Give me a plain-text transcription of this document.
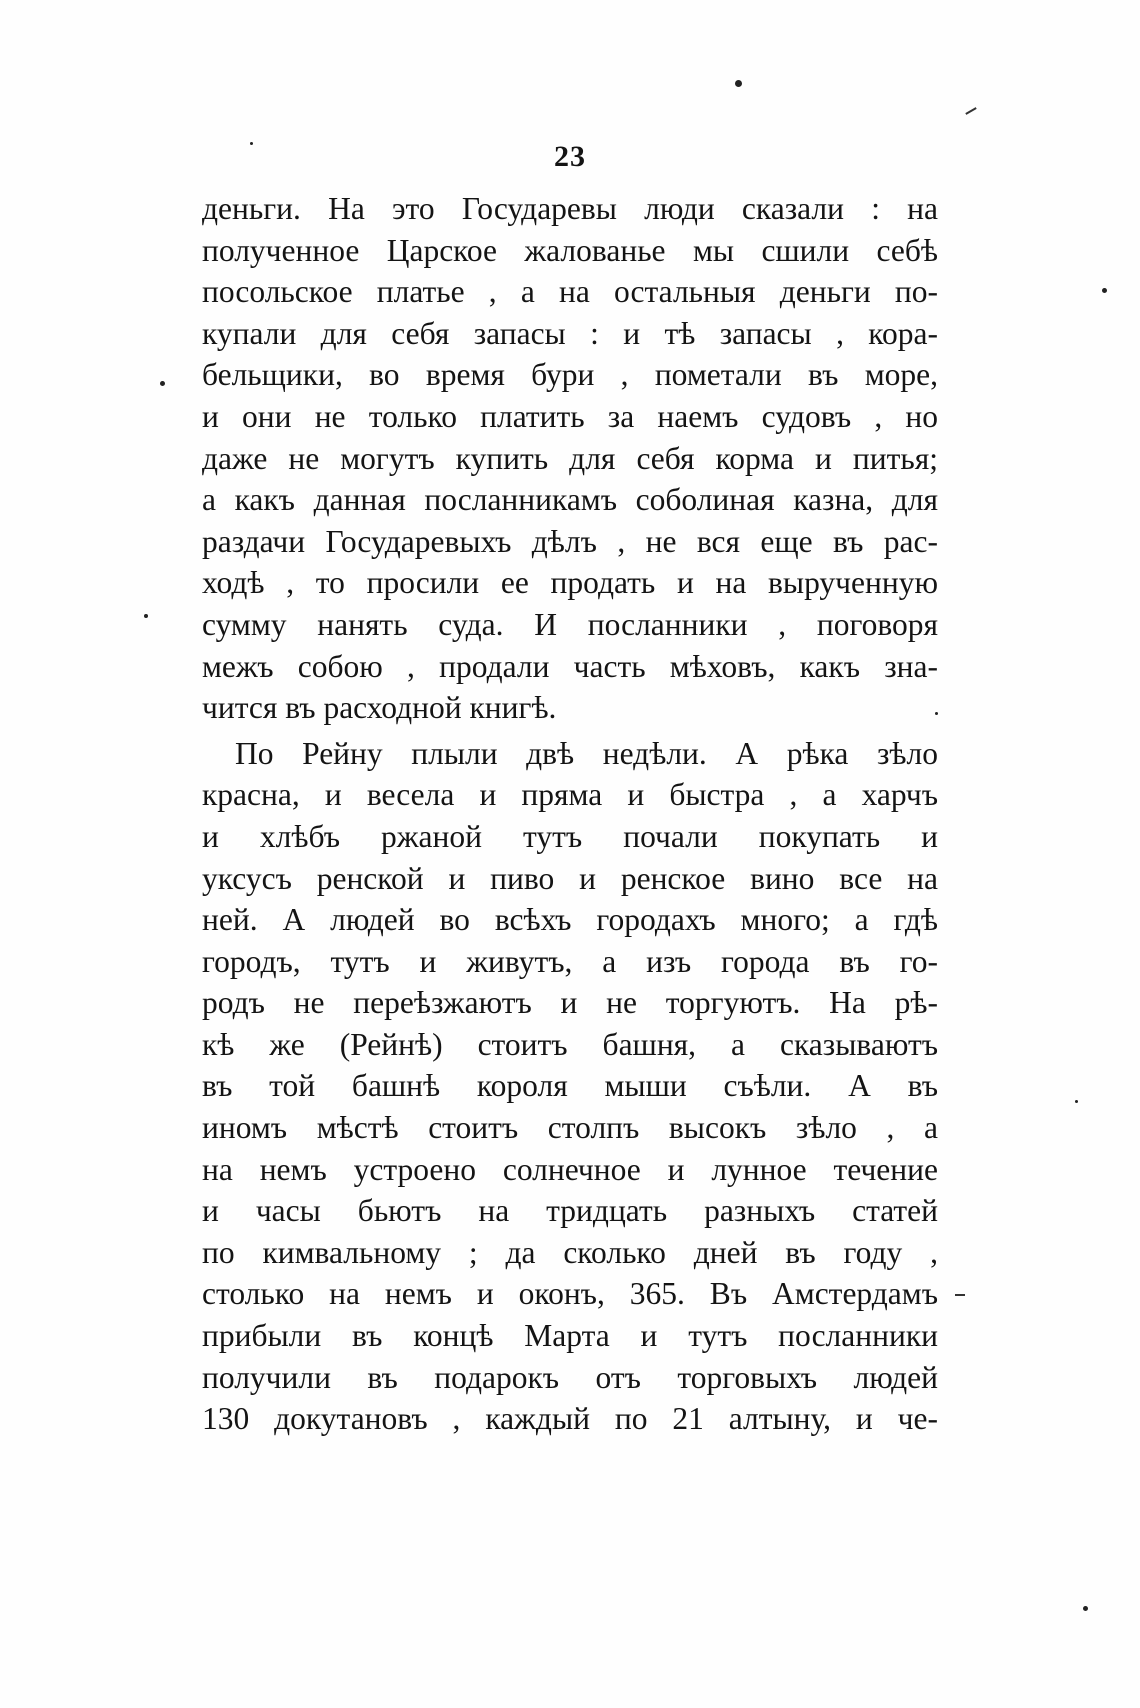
23
деньги. На это Государевы люди сказали : на
полученное Царское жалованье мы сшили себѣ
посольское платье , а на остальныя деньги по-
купали для себя запасы : и тѣ запасы , кора-
бельщики, во время бури , пометали въ море,
и они не только платить за наемъ судовъ , но
даже не могутъ купить для себя корма и питья;
а какъ данная посланникамъ соболиная казна, для
раздачи Государевыхъ дѣлъ , не вся еще въ рас-
ходѣ , то просили ее продать и на вырученную
сумму нанять суда. И посланники , поговоря
межъ собою , продали часть мѣховъ, какъ зна-
чится въ расходной книгѣ.
По Рейну плыли двѣ недѣли. А рѣка зѣло
красна, и весела и пряма и быстра , а харчъ
и хлѣбъ ржаной тутъ почали покупать и
уксусъ ренской и пиво и ренское вино все на
ней. А людей во всѣхъ городахъ много; а гдѣ
городъ, тутъ и живутъ, а изъ города въ го-
родъ не переѣзжаютъ и не торгуютъ. На рѣ-
кѣ же (Рейнѣ) стоитъ башня, а сказываютъ
въ той башнѣ короля мыши съѣли. А въ
иномъ мѣстѣ стоитъ столпъ высокъ зѣло , а
на немъ устроено солнечное и лунное течение
и часы бьютъ на тридцать разныхъ статей
по кимвальному ; да сколько дней въ году ,
столько на немъ и оконъ, 365. Въ Амстердамъ
прибыли въ концѣ Марта и тутъ посланники
получили въ подарокъ отъ торговыхъ людей
130 докутановъ , каждый по 21 алтыну, и че-
